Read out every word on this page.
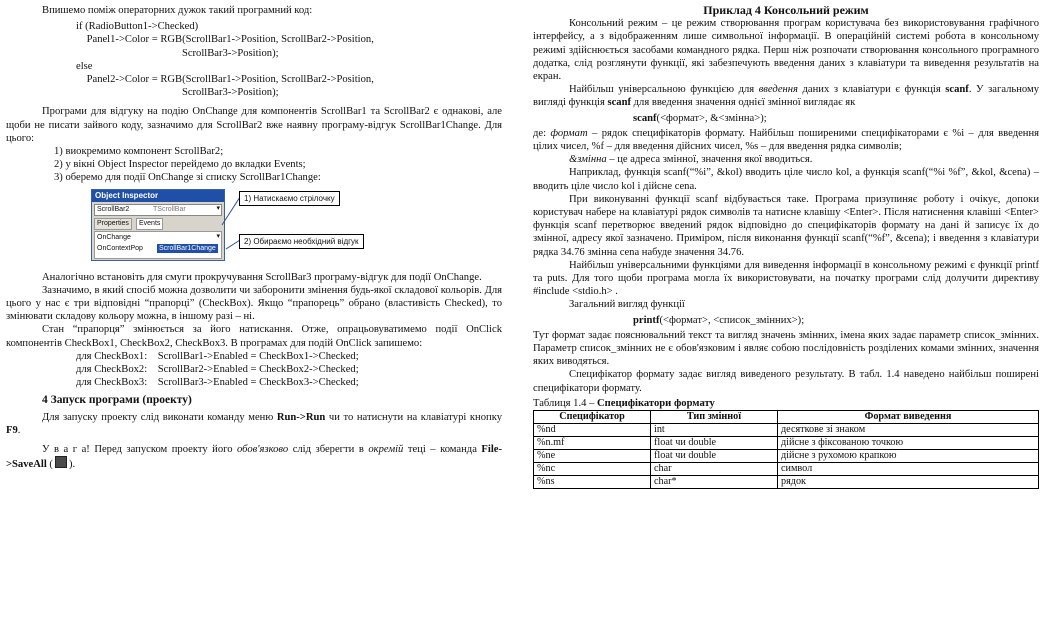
Впишемо поміж операторних дужок такий програмний код:

if (RadioButton1->Checked)
Panel1->Color = RGB(ScrollBar1->Position, ScrollBar2->Position,
ScrollBar3->Position);
else
Panel2->Color = RGB(ScrollBar1->Position, ScrollBar2->Position,
ScrollBar3->Position);

Програми для відгуку на подію OnChange для компонентів ScrollBar1 та ScrollBar2 є однакові, але щоби не писати зайвого коду, зазначимо для ScrollBar2 вже наявну програму-відгук ScrollBar1Change. Для цього:

1) виокремимо компонент ScrollBar2;
2) у вікні Object Inspector перейдемо до вкладки Events;
3) оберемо для події OnChange зі списку ScrollBar1Change:
Object Inspector
ScrollBar2	TScrollBar	▾
Properties	Events
OnChange	▾
OnContextPop ScrollBar1Change
1) Натискаємо стрілочку
2) Обираємо необхідний відгук

Аналогічно встановіть для смуги прокручування ScrollBar3 програму-відгук для події OnChange.

Зазначимо, в який спосіб можна дозволити чи заборонити змінення будь-якої складової кольорів. Для цього у нас є три відповідні “прапорці” (CheckBox). Якщо “прапорець” обрано (властивість Checked), то змінювати складову кольору можна, в іншому разі – ні.

Стан “прапорця” змінюється за його натискання. Отже, опрацьовуватимемо події OnClick компонентів CheckBox1, CheckBox2, CheckBox3. В програмах для подій OnClick запишемо:

для CheckBox1:    ScrollBar1->Enabled = CheckBox1->Checked;
для CheckBox2:    ScrollBar2->Enabled = CheckBox2->Checked;
для CheckBox3:    ScrollBar3->Enabled = CheckBox3->Checked;
4 Запуск програми (проекту)

Для запуску проекту слід виконати команду меню Run->Run чи то натиснути на клавіатурі кнопку F9.

У в а г а! Перед запуском проекту його обов'язково слід зберегти в окремій теці – команда File->SaveAll ( ).

Приклад 4 Консольний режим

Консольний режим – це режим створювання програм користувача без використовування графічного інтерфейсу, а з відображенням лише символьної інформації. В операційній системі робота в консольному режимі здійснюється засобами командного рядка. Перш ніж розпочати створювання консольного програмного додатка, слід розглянути функції, які забезпечують введення даних з клавіатури та виведення результатів на екран.

Найбільш універсальною функцією для введення даних з клавіатури є функція scanf. У загальному вигляді функція scanf для введення значення однієї змінної виглядає як

scanf(<формат>, &<змінна>);

де: формат – рядок специфікаторів формату. Найбільш поширеними специфікаторами є %i – для введення цілих чисел, %f – для введення дійсних чисел, %s – для введення рядка символів;

&змінна – це адреса змінної, значення якої вводиться.

Наприклад, функція scanf(“%i”, &kol) вводить ціле число kol, а функція scanf(“%i %f”, &kol, &cena) – вводить ціле число kol і дійсне cena.

При виконуванні функції scanf відбувається таке. Програма призупиняє роботу і очікує, допоки користувач набере на клавіатурі рядок символів та натисне клавішу <Enter>. Після натиснення клавіші <Enter> функція scanf перетворює введений рядок відповідно до специфікаторів формату на дані й записує їх до змінної, адресу якої зазначено. Приміром, після виконання функції scanf(“%f”, &cena); і введення з клавіатури рядка 34.76 змінна cena набуде значення 34.76.

Найбільш універсальними функціями для виведення інформації в консольному режимі є функції printf та puts. Для того щоби програма могла їх використовувати, на початку програми слід долучити директиву #include <stdio.h> .

Загальний вигляд функції

printf(<формат>, <список_змінних>);

Тут формат задає пояснювальний текст та вигляд значень змінних, імена яких задає параметр список_змінних. Параметр список_змінних не є обов'язковим і являє собою послідовність розділених комами змінних, значення яких виводяться.

Специфікатор формату задає вигляд виведеного результату. В табл. 1.4 наведено найбільш поширені специфікатори формату.

Таблиця 1.4 – Специфікатори формату
Специфікатор	Тип змінної	Формат виведення
%nd	int	десяткове зі знаком
%n.mf	float чи double	дійсне з фіксованою точкою
%ne	float чи double	дійсне з рухомою крапкою
%nc	char	символ
%ns	char*	рядок
